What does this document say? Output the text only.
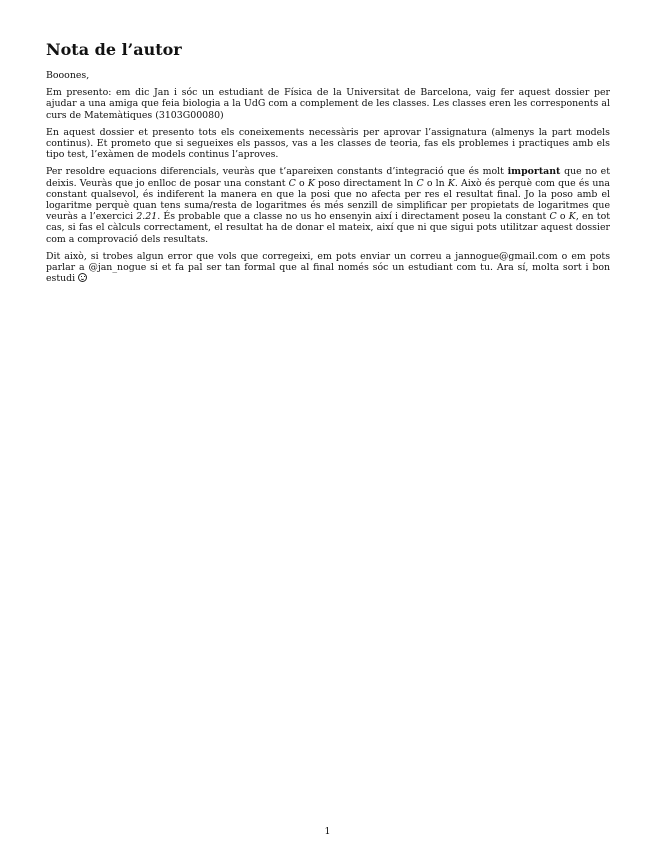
Nota de l’autor

Booones,

Em presento: em dic Jan i sóc un estudiant de Física de la Universitat de Barcelona, vaig fer aquest dossier per ajudar a una amiga que feia biologia a la UdG com a complement de les classes. Les classes eren les corresponents al curs de Matemàtiques (3103G00080)

En aquest dossier et presento tots els coneixements necessàris per aprovar l’assignatura (almenys la part models continus). Et prometo que si segueixes els passos, vas a les classes de teoria, fas els problemes i practiques amb els tipo test, l’exàmen de models continus l’aproves.

Per resoldre equacions diferencials, veuràs que t’apareixen constants d’integració que és molt important que no et deixis. Veuràs que jo enlloc de posar una constant C o K poso directament ln C o ln K. Això és perquè com que és una constant qualsevol, és indiferent la manera en que la posi que no afecta per res el resultat final. Jo la poso amb el logaritme perquè quan tens suma/resta de logaritmes és més senzill de simplificar per propietats de logaritmes que veuràs a l’exercici 2.21. És probable que a classe no us ho ensenyin així i directament poseu la constant C o K, en tot cas, si fas el càlculs correctament, el resultat ha de donar el mateix, així que ni que sigui pots utilitzar aquest dossier com a comprovació dels resultats.

Dit això, si trobes algun error que vols que corregeixi, em pots enviar un correu a jannogue@gmail.com o em pots parlar a @jan_nogue si et fa pal ser tan formal que al final només sóc un estudiant com tu. Ara sí, molta sort i bon estudi

1
